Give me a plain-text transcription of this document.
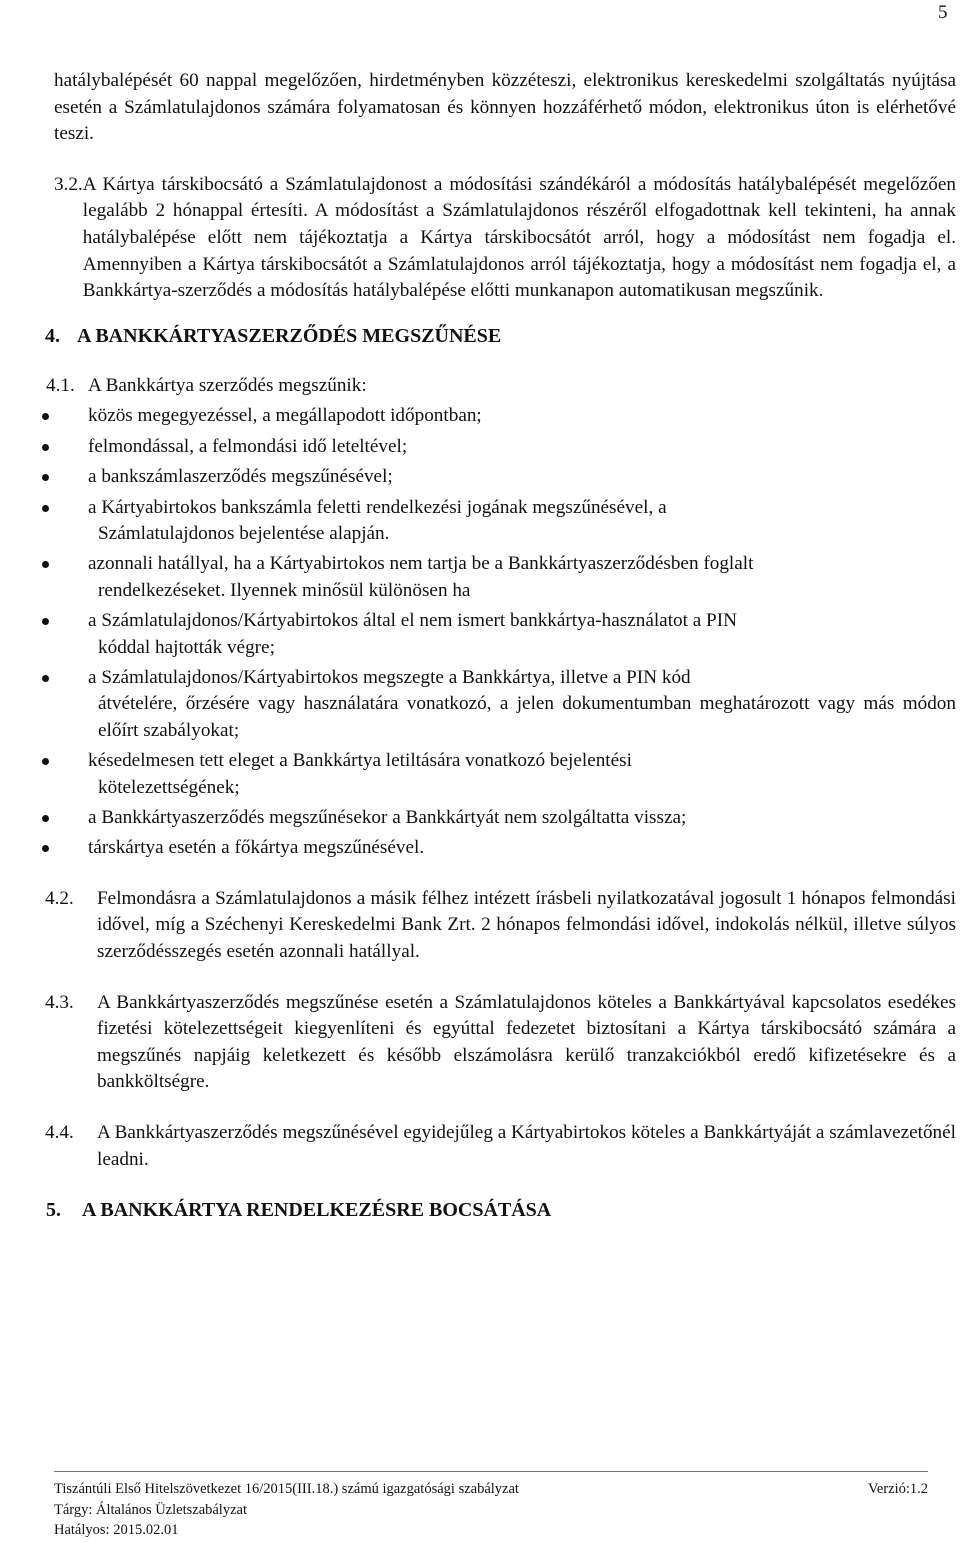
5

hatálybalépését 60 nappal megelőzően, hirdetményben közzéteszi, elektronikus kereskedelmi szolgáltatás nyújtása esetén a Számlatulajdonos számára folyamatosan és könnyen hozzáférhető módon, elektronikus úton is elérhetővé teszi.

3.2. A Kártya társkibocsátó a Számlatulajdonost a módosítási szándékáról a módosítás hatálybalépését megelőzően legalább 2 hónappal értesíti. A módosítást a Számlatulajdonos részéről elfogadottnak kell tekinteni, ha annak hatálybalépése előtt nem tájékoztatja a Kártya társkibocsátót arról, hogy a módosítást nem fogadja el. Amennyiben a Kártya társkibocsátót a Számlatulajdonos arról tájékoztatja, hogy a módosítást nem fogadja el, a Bankkártya-szerződés a módosítás hatálybalépése előtti munkanapon automatikusan megszűnik.
4. A BANKKÁRTYASZERZŐDÉS MEGSZŰNÉSE
4.1. A Bankkártya szerződés megszűnik:
közös megegyezéssel, a megállapodott időpontban;
felmondással, a felmondási idő leteltével;
a bankszámlaszerződés megszűnésével;
a Kártyabirtokos bankszámla feletti rendelkezési jogának megszűnésével, a
Számlatulajdonos bejelentése alapján.
azonnali hatállyal, ha a Kártyabirtokos nem tartja be a Bankkártyaszerződésben foglalt
rendelkezéseket. Ilyennek minősül különösen ha
a Számlatulajdonos/Kártyabirtokos által el nem ismert bankkártya-használatot a PIN
kóddal hajtották végre;
a Számlatulajdonos/Kártyabirtokos megszegte a Bankkártya, illetve a PIN kód
átvételére, őrzésére vagy használatára vonatkozó, a jelen dokumentumban meghatározott vagy más módon előírt szabályokat;
késedelmesen tett eleget a Bankkártya letiltására vonatkozó bejelentési
kötelezettségének;
a Bankkártyaszerződés megszűnésekor a Bankkártyát nem szolgáltatta vissza;
társkártya esetén a főkártya megszűnésével.
4.2.	Felmondásra a Számlatulajdonos a másik félhez intézett írásbeli nyilatkozatával jogosult 1 hónapos felmondási idővel, míg a Széchenyi Kereskedelmi Bank Zrt. 2 hónapos felmondási idővel, indokolás nélkül, illetve súlyos szerződésszegés esetén azonnali hatállyal.
4.3.	A Bankkártyaszerződés megszűnése esetén a Számlatulajdonos köteles a Bankkártyával kapcsolatos esedékes fizetési kötelezettségeit kiegyenlíteni és egyúttal fedezetet biztosítani a Kártya társkibocsátó számára a megszűnés napjáig keletkezett és később elszámolásra kerülő tranzakciókból eredő kifizetésekre és a bankköltségre.
4.4.	A Bankkártyaszerződés megszűnésével egyidejűleg a Kártyabirtokos köteles a Bankkártyáját a számlavezetőnél leadni.
5. A BANKKÁRTYA RENDELKEZÉSRE BOCSÁTÁSA
Tiszántúli Első Hitelszövetkezet 16/2015(III.18.) számú igazgatósági szabályzat	Verzió:1.2
Tárgy: Általános Üzletszabályzat
Hatályos: 2015.02.01
